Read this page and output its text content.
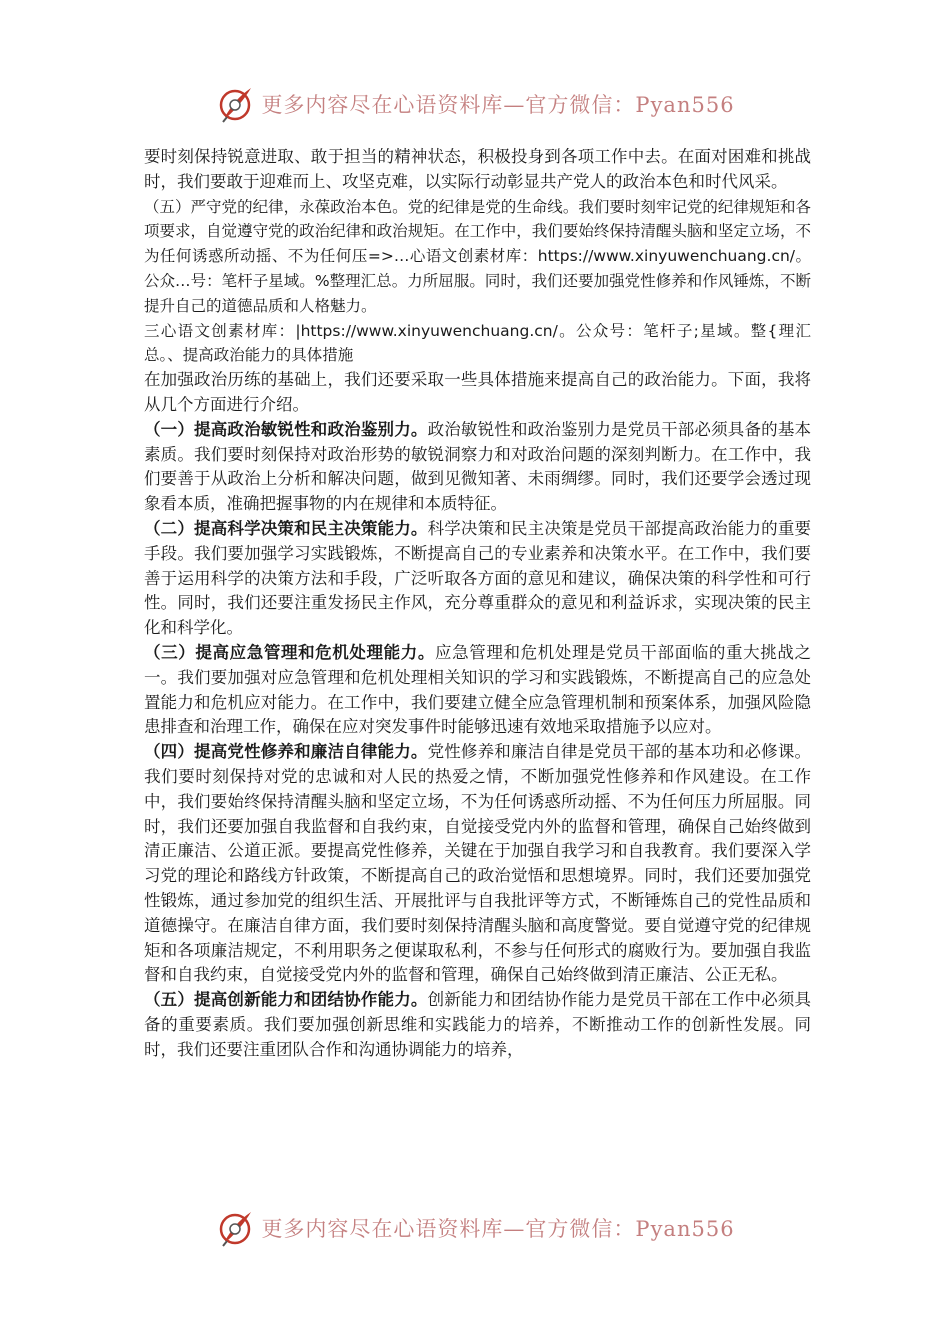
更多内容尽在心语资料库—官方微信：Pyan556

要时刻保持锐意进取、敢于担当的精神状态，积极投身到各项工作中去。在面对困难和挑战时，我们要敢于迎难而上、攻坚克难，以实际行动彰显共产党人的政治本色和时代风采。

（五）严守党的纪律，永葆政治本色。党的纪律是党的生命线。我们要时刻牢记党的纪律规矩和各项要求，自觉遵守党的政治纪律和政治规矩。在工作中，我们要始终保持清醒头脑和坚定立场，不为任何诱惑所动摇、不为任何压=>…心语文创素材库：https://www.xinyuwenchuang.cn/。公众…号：笔杆子星域。%整理汇总。力所屈服。同时，我们还要加强党性修养和作风锤炼，不断提升自己的道德品质和人格魅力。

三心语文创素材库：|https://www.xinyuwenchuang.cn/。公众号：笔杆子;星域。整{理汇总。、提高政治能力的具体措施

在加强政治历练的基础上，我们还要采取一些具体措施来提高自己的政治能力。下面，我将从几个方面进行介绍。

（一）提高政治敏锐性和政治鉴别力。政治敏锐性和政治鉴别力是党员干部必须具备的基本素质。我们要时刻保持对政治形势的敏锐洞察力和对政治问题的深刻判断力。在工作中，我们要善于从政治上分析和解决问题，做到见微知著、未雨绸缪。同时，我们还要学会透过现象看本质，准确把握事物的内在规律和本质特征。

（二）提高科学决策和民主决策能力。科学决策和民主决策是党员干部提高政治能力的重要手段。我们要加强学习实践锻炼，不断提高自己的专业素养和决策水平。在工作中，我们要善于运用科学的决策方法和手段，广泛听取各方面的意见和建议，确保决策的科学性和可行性。同时，我们还要注重发扬民主作风，充分尊重群众的意见和利益诉求，实现决策的民主化和科学化。

（三）提高应急管理和危机处理能力。应急管理和危机处理是党员干部面临的重大挑战之一。我们要加强对应急管理和危机处理相关知识的学习和实践锻炼，不断提高自己的应急处置能力和危机应对能力。在工作中，我们要建立健全应急管理机制和预案体系，加强风险隐患排查和治理工作，确保在应对突发事件时能够迅速有效地采取措施予以应对。

（四）提高党性修养和廉洁自律能力。党性修养和廉洁自律是党员干部的基本功和必修课。我们要时刻保持对党的忠诚和对人民的热爱之情，不断加强党性修养和作风建设。在工作中，我们要始终保持清醒头脑和坚定立场，不为任何诱惑所动摇、不为任何压力所屈服。同时，我们还要加强自我监督和自我约束，自觉接受党内外的监督和管理，确保自己始终做到清正廉洁、公道正派。要提高党性修养，关键在于加强自我学习和自我教育。我们要深入学习党的理论和路线方针政策，不断提高自己的政治觉悟和思想境界。同时，我们还要加强党性锻炼，通过参加党的组织生活、开展批评与自我批评等方式，不断锤炼自己的党性品质和道德操守。在廉洁自律方面，我们要时刻保持清醒头脑和高度警觉。要自觉遵守党的纪律规矩和各项廉洁规定，不利用职务之便谋取私利，不参与任何形式的腐败行为。要加强自我监督和自我约束，自觉接受党内外的监督和管理，确保自己始终做到清正廉洁、公正无私。

（五）提高创新能力和团结协作能力。创新能力和团结协作能力是党员干部在工作中必须具备的重要素质。我们要加强创新思维和实践能力的培养，不断推动工作的创新性发展。同时，我们还要注重团队合作和沟通协调能力的培养，

更多内容尽在心语资料库—官方微信：Pyan556
